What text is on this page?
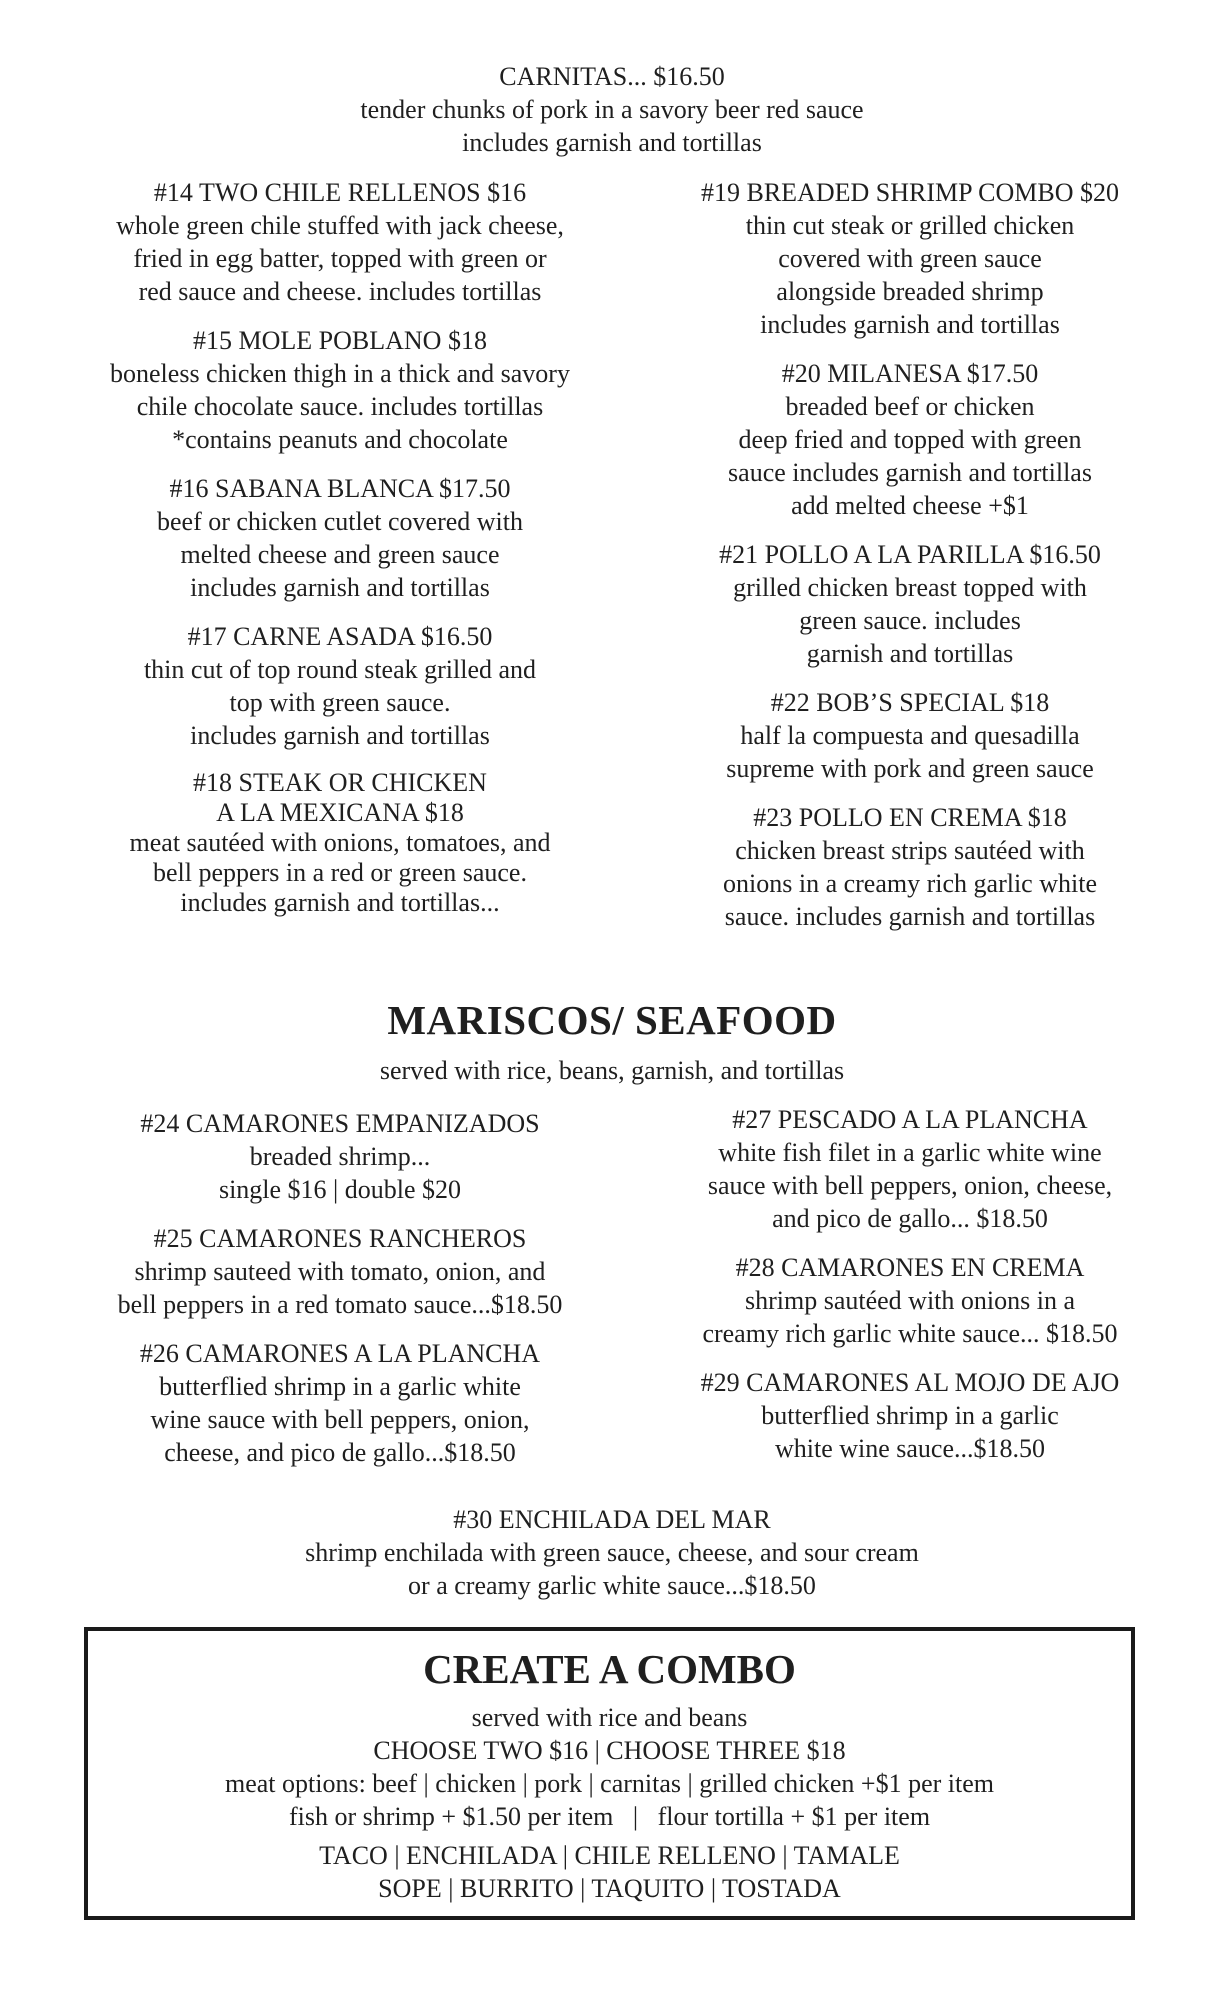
CARNITAS... $16.50
tender chunks of pork in a savory beer red sauce
includes garnish and tortillas
#14 TWO CHILE RELLENOS $16
whole green chile stuffed with jack cheese,
fried in egg batter, topped with green or
red sauce and cheese. includes tortillas
#15 MOLE POBLANO $18
boneless chicken thigh in a thick and savory
chile chocolate sauce. includes tortillas
*contains peanuts and chocolate
#16 SABANA BLANCA $17.50
beef or chicken cutlet covered with
melted cheese and green sauce
includes garnish and tortillas
#17 CARNE ASADA $16.50
thin cut of top round steak grilled and
top with green sauce.
includes garnish and tortillas
#18 STEAK OR CHICKEN
A LA MEXICANA $18
meat sautéed with onions, tomatoes, and
bell peppers in a red or green sauce.
includes garnish and tortillas...
#19 BREADED SHRIMP COMBO $20
thin cut steak or grilled chicken
covered with green sauce
alongside breaded shrimp
includes garnish and tortillas
#20 MILANESA $17.50
breaded beef or chicken
deep fried and topped with green
sauce includes garnish and tortillas
add melted cheese +$1
#21 POLLO A LA PARILLA $16.50
grilled chicken breast topped with
green sauce. includes
garnish and tortillas
#22 BOB’S SPECIAL $18
half la compuesta and quesadilla
supreme with pork and green sauce
#23 POLLO EN CREMA $18
chicken breast strips sautéed with
onions in a creamy rich garlic white
sauce. includes garnish and tortillas
MARISCOS/ SEAFOOD
served with rice, beans, garnish, and tortillas
#24 CAMARONES EMPANIZADOS
breaded shrimp...
single $16 | double $20
#25 CAMARONES RANCHEROS
shrimp sauteed with tomato, onion, and
bell peppers in a red tomato sauce...$18.50
#26 CAMARONES A LA PLANCHA
butterflied shrimp in a garlic white
wine sauce with bell peppers, onion,
cheese, and pico de gallo...$18.50
#27 PESCADO A LA PLANCHA
white fish filet in a garlic white wine
sauce with bell peppers, onion, cheese,
and pico de gallo... $18.50
#28 CAMARONES EN CREMA
shrimp sautéed with onions in a
creamy rich garlic white sauce... $18.50
#29 CAMARONES AL MOJO DE AJO
butterflied shrimp in a garlic
white wine sauce...$18.50
#30 ENCHILADA DEL MAR
shrimp enchilada with green sauce, cheese, and sour cream
or a creamy garlic white sauce...$18.50
CREATE A COMBO
served with rice and beans
CHOOSE TWO $16 | CHOOSE THREE $18
meat options: beef | chicken | pork | carnitas | grilled chicken +$1 per item
fish or shrimp + $1.50 per item   |   flour tortilla + $1 per item
TACO | ENCHILADA | CHILE RELLENO | TAMALE
SOPE | BURRITO | TAQUITO | TOSTADA
